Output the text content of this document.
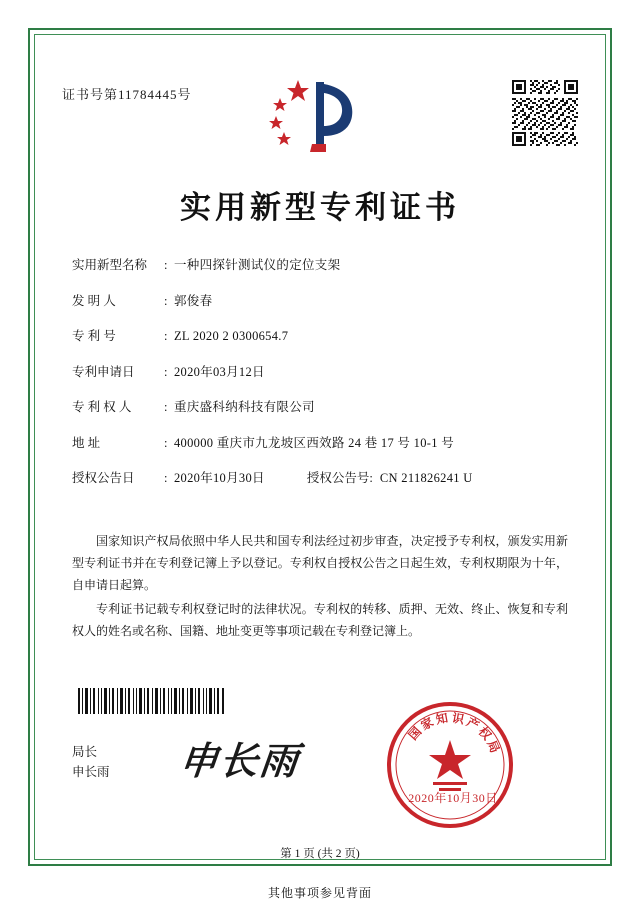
证书号第11784445号
实用新型专利证书
实用新型名称	: 一种四探针测试仪的定位支架
发 明 人	: 郭俊春
专 利 号	: ZL 2020 2 0300654.7
专利申请日	: 2020年03月12日
专 利 权 人	: 重庆盛科纳科技有限公司
地 址	: 400000 重庆市九龙坡区西效路 24 巷 17 号 10-1 号
授权公告日	: 2020年10月30日	授权公告号: CN 211826241 U
国家知识产权局依照中华人民共和国专利法经过初步审查，决定授予专利权，颁发实用新型专利证书并在专利登记簿上予以登记。专利权自授权公告之日起生效，专利权期限为十年，自申请日起算。
专利证书记载专利权登记时的法律状况。专利权的转移、质押、无效、终止、恢复和专利权人的姓名或名称、国籍、地址变更等事项记载在专利登记簿上。
局长
申长雨 申长雨
国
家
知 识
产
权
局
2020年10月30日
第 1 页 (共 2 页)
其他事项参见背面
